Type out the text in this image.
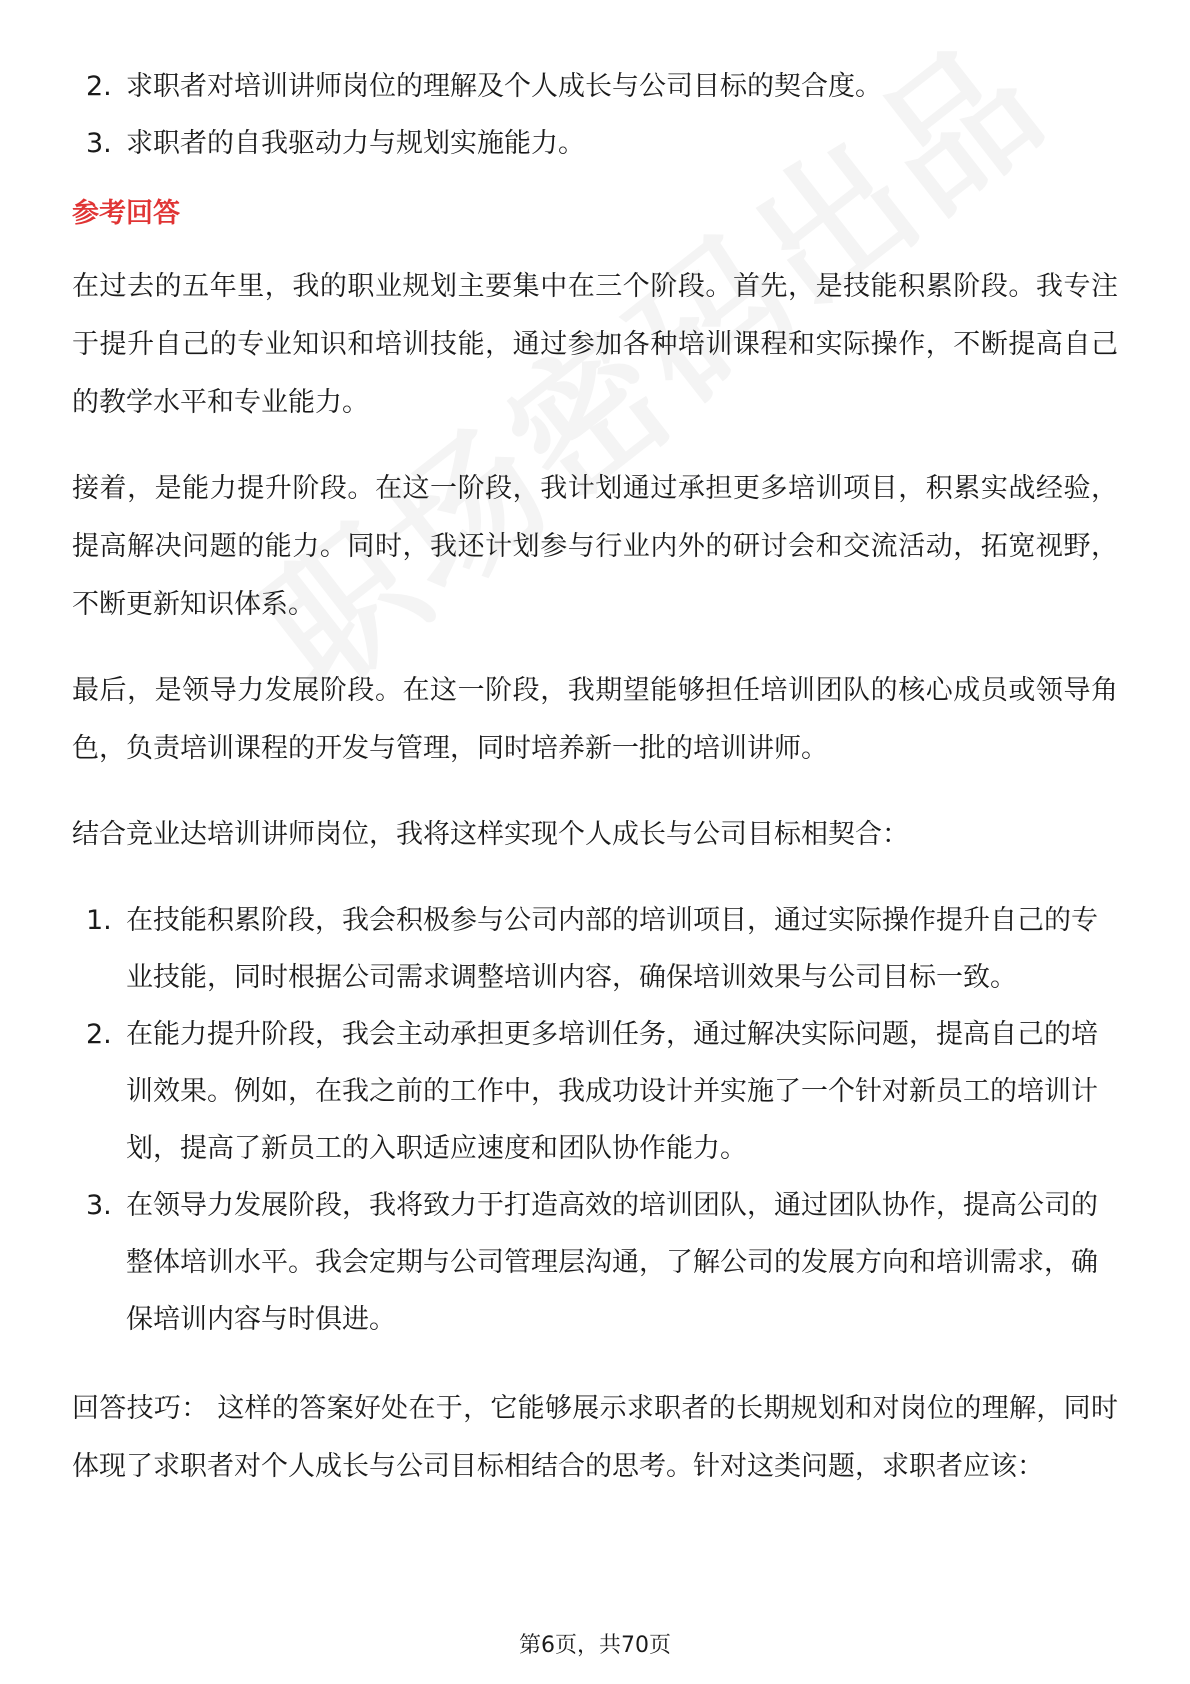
2. 求职者对培训讲师岗位的理解及个人成长与公司目标的契合度。
3. 求职者的自我驱动力与规划实施能力。
参考回答

在过去的五年里，我的职业规划主要集中在三个阶段。首先，是技能积累阶段。我专注于提升自己的专业知识和培训技能，通过参加各种培训课程和实际操作，不断提高自己的教学水平和专业能力。

接着，是能力提升阶段。在这一阶段，我计划通过承担更多培训项目，积累实战经验，提高解决问题的能力。同时，我还计划参与行业内外的研讨会和交流活动，拓宽视野，不断更新知识体系。

最后，是领导力发展阶段。在这一阶段，我期望能够担任培训团队的核心成员或领导角色，负责培训课程的开发与管理，同时培养新一批的培训讲师。

结合竞业达培训讲师岗位，我将这样实现个人成长与公司目标相契合：

1. 在技能积累阶段，我会积极参与公司内部的培训项目，通过实际操作提升自己的专业技能，同时根据公司需求调整培训内容，确保培训效果与公司目标一致。
2. 在能力提升阶段，我会主动承担更多培训任务，通过解决实际问题，提高自己的培训效果。例如，在我之前的工作中，我成功设计并实施了一个针对新员工的培训计划，提高了新员工的入职适应速度和团队协作能力。
3. 在领导力发展阶段，我将致力于打造高效的培训团队，通过团队协作，提高公司的整体培训水平。我会定期与公司管理层沟通，了解公司的发展方向和培训需求，确保培训内容与时俱进。

回答技巧： 这样的答案好处在于，它能够展示求职者的长期规划和对岗位的理解，同时体现了求职者对个人成长与公司目标相结合的思考。针对这类问题，求职者应该：

第6页，共70页
